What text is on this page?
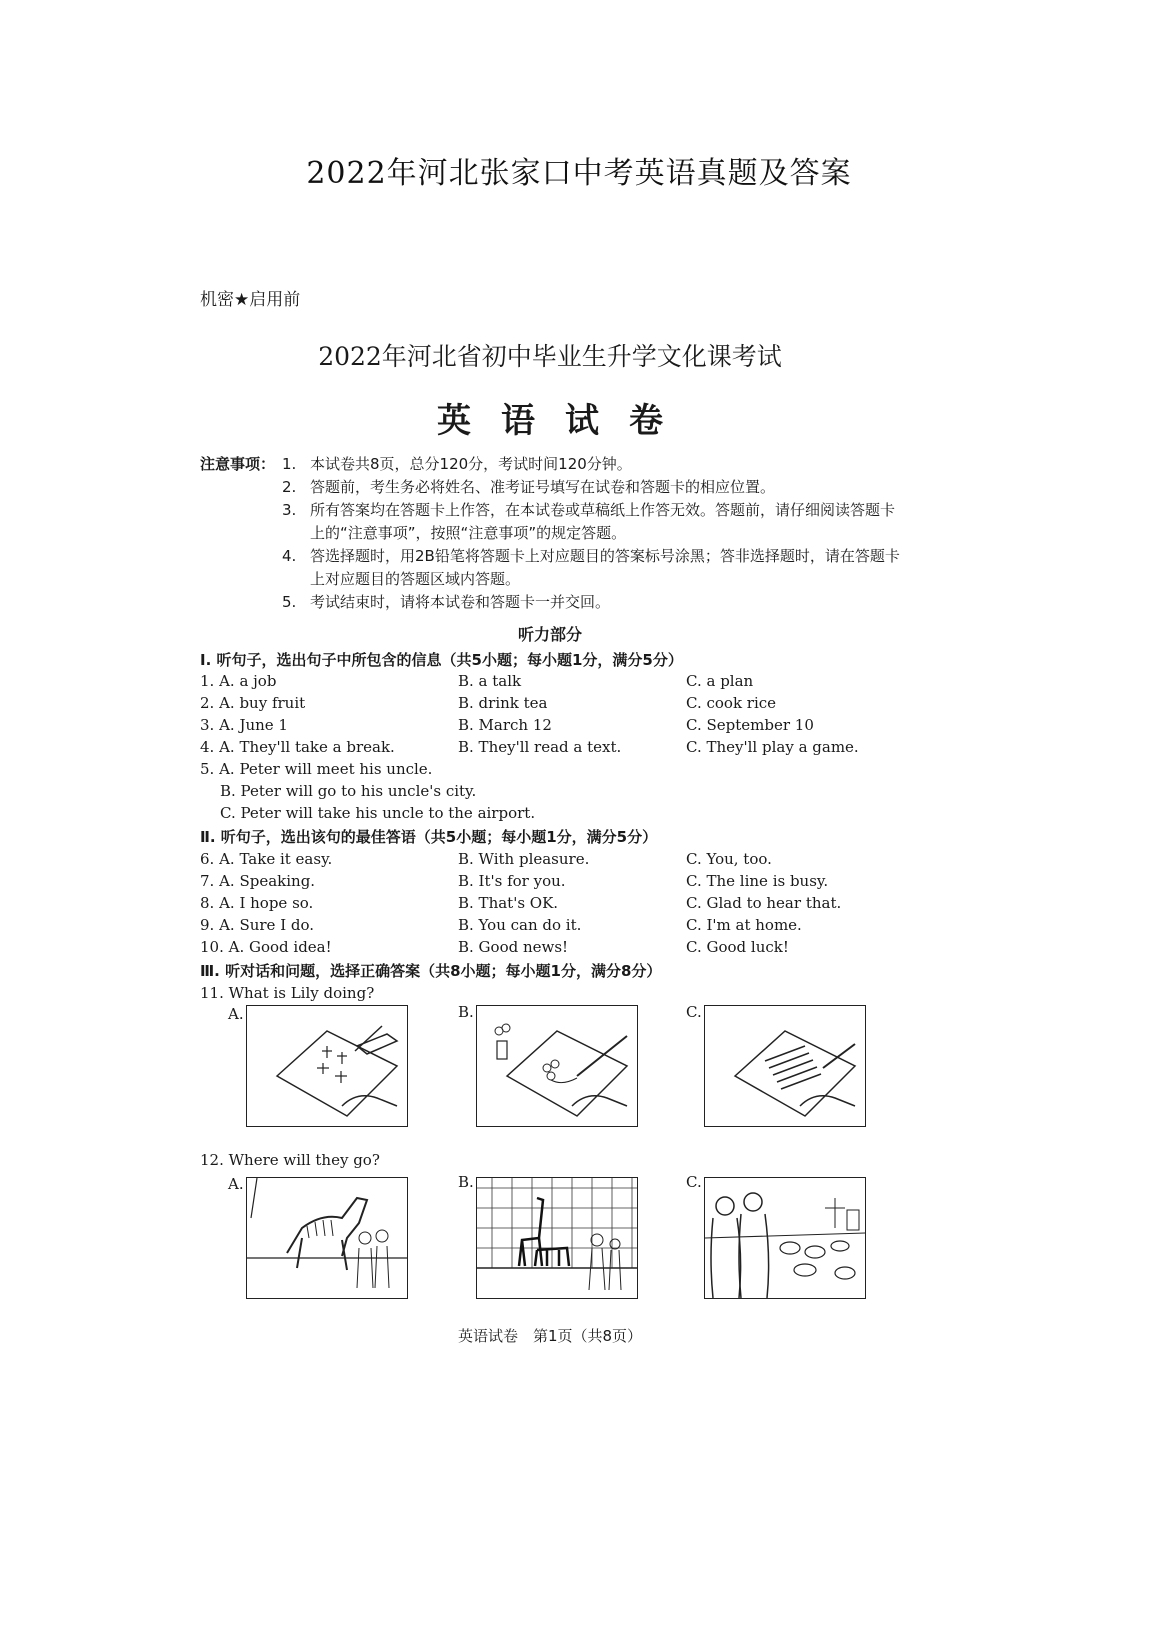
2022年河北张家口中考英语真题及答案
机密★启用前
2022年河北省初中毕业生升学文化课考试
英语试卷
注意事项： 1. 本试卷共8页，总分120分，考试时间120分钟。
2. 答题前，考生务必将姓名、准考证号填写在试卷和答题卡的相应位置。
3. 所有答案均在答题卡上作答，在本试卷或草稿纸上作答无效。答题前，请仔细阅读答题卡上的“注意事项”，按照“注意事项”的规定答题。
4. 答选择题时，用2B铅笔将答题卡上对应题目的答案标号涂黑；答非选择题时，请在答题卡上对应题目的答题区域内答题。
5. 考试结束时，请将本试卷和答题卡一并交回。
听力部分
Ⅰ. 听句子，选出句子中所包含的信息（共5小题；每小题1分，满分5分）
1. A. a job	B. a talk	C. a plan
2. A. buy fruit	B. drink tea	C. cook rice
3. A. June 1	B. March 12	C. September 10
4. A. They'll take a break.	B. They'll read a text.	C. They'll play a game.
5. A. Peter will meet his uncle.
B. Peter will go to his uncle's city.
C. Peter will take his uncle to the airport.
Ⅱ. 听句子，选出该句的最佳答语（共5小题；每小题1分，满分5分）
6. A. Take it easy.	B. With pleasure.	C. You, too.
7. A. Speaking.	B. It's for you.	C. The line is busy.
8. A. I hope so.	B. That's OK.	C. Glad to hear that.
9. A. Sure I do.	B. You can do it.	C. I'm at home.
10. A. Good idea!	B. Good news!	C. Good luck!
Ⅲ. 听对话和问题，选择正确答案（共8小题；每小题1分，满分8分）
11. What is Lily doing?
A.	B.	C.
12. Where will they go?
A.	B.	C.
英语试卷　第1页（共8页）
